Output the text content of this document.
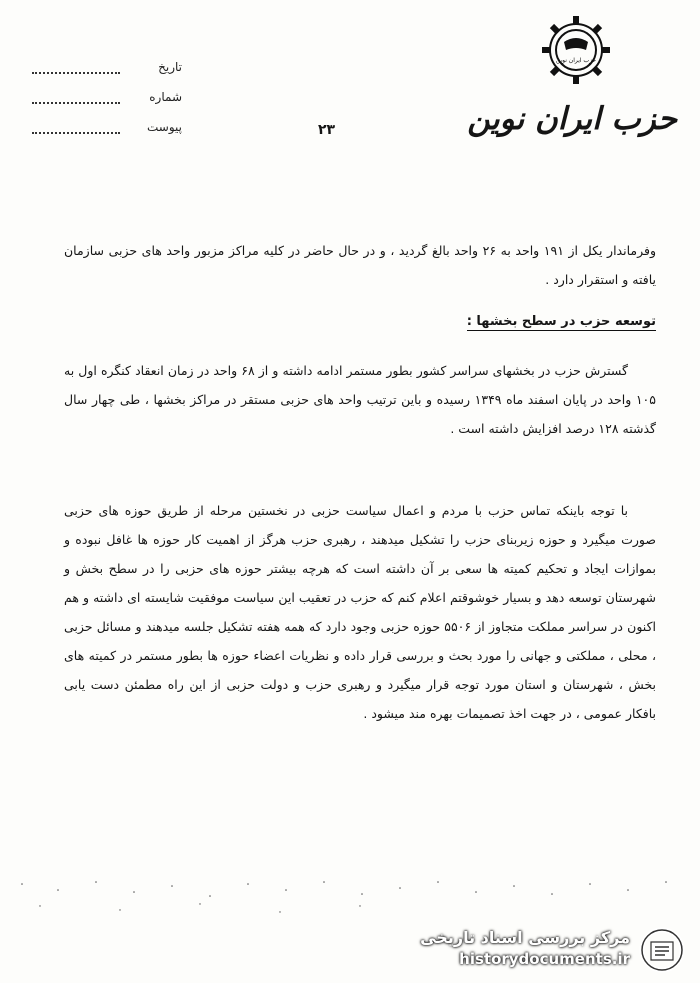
حزب ایران نوین
حزب ایران نوین
تاریخ
شماره
پیوست	۲۳

وفرماندار یکل از ۱۹۱ واحد به ۲۶ واحد بالغ گردید ، و در حال حاضر در کلیه مراکز مزبور واحد های حزبی سازمان یافته و استقرار دارد .

توسعه حزب در سطح بخشها :

گسترش حزب در بخشهای سراسر کشور بطور مستمر ادامه داشته و از ۶۸ واحد در زمان انعقاد کنگره اول به ۱۰۵ واحد در پایان اسفند ماه ۱۳۴۹ رسیده و باین ترتیب واحد های حزبی مستقر در مراکز بخشها ، طی چهار سال گذشته ۱۲۸ درصد افزایش داشته است .

با توجه باینکه تماس حزب با مردم و اعمال سیاست حزبی در نخستین مرحله از طریق حوزه های حزبی صورت میگیرد و حوزه زیربنای حزب را تشکیل میدهند ، رهبری حزب هرگز از اهمیت کار حوزه ها غافل نبوده و بموازات ایجاد و تحکیم کمیته ها سعی بر آن داشته است که هرچه بیشتر حوزه های حزبی را در سطح بخش و شهرستان توسعه دهد و بسیار خوشوقتم اعلام کنم که حزب در تعقیب این سیاست موفقیت شایسته ای داشته و هم اکنون در سراسر مملکت متجاوز از ۵۵۰۶ حوزه حزبی وجود دارد که همه هفته تشکیل جلسه میدهند و مسائل حزبی ، محلی ، مملکتی و جهانی را مورد بحث و بررسی قرار داده و نظریات اعضاء حوزه ها بطور مستمر در کمیته های بخش ، شهرستان و استان مورد توجه قرار میگیرد و رهبری حزب و دولت حزبی از این راه مطمئن دست یابی بافکار عمومی ، در جهت اخذ تصمیمات بهره مند میشود .

مرکز بررسی اسناد تاریخی
historydocuments.ir
